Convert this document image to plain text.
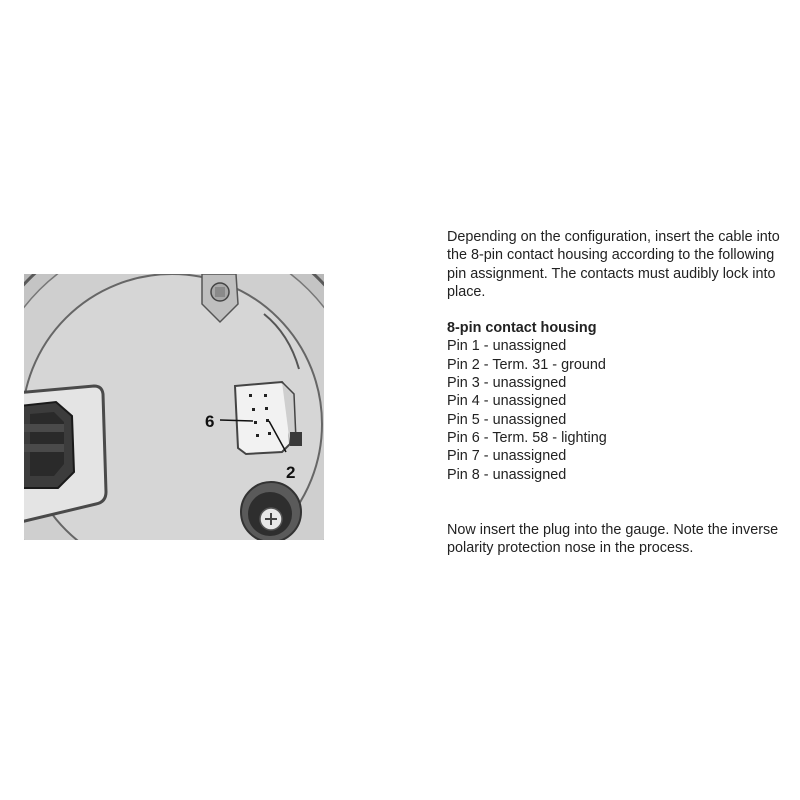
6
2

Depending on the configuration, insert the cable into the 8-pin contact housing according to the following pin assignment. The contacts must audibly lock into place.

8-pin contact housing

Pin 1 - unassigned

Pin 2 - Term. 31 - ground

Pin 3 - unassigned

Pin 4 - unassigned

Pin 5 - unassigned

Pin 6 - Term. 58 - lighting

Pin 7 - unassigned

Pin 8 - unassigned

Now insert the plug into the gauge. Note the inverse polarity protection nose in the process.
